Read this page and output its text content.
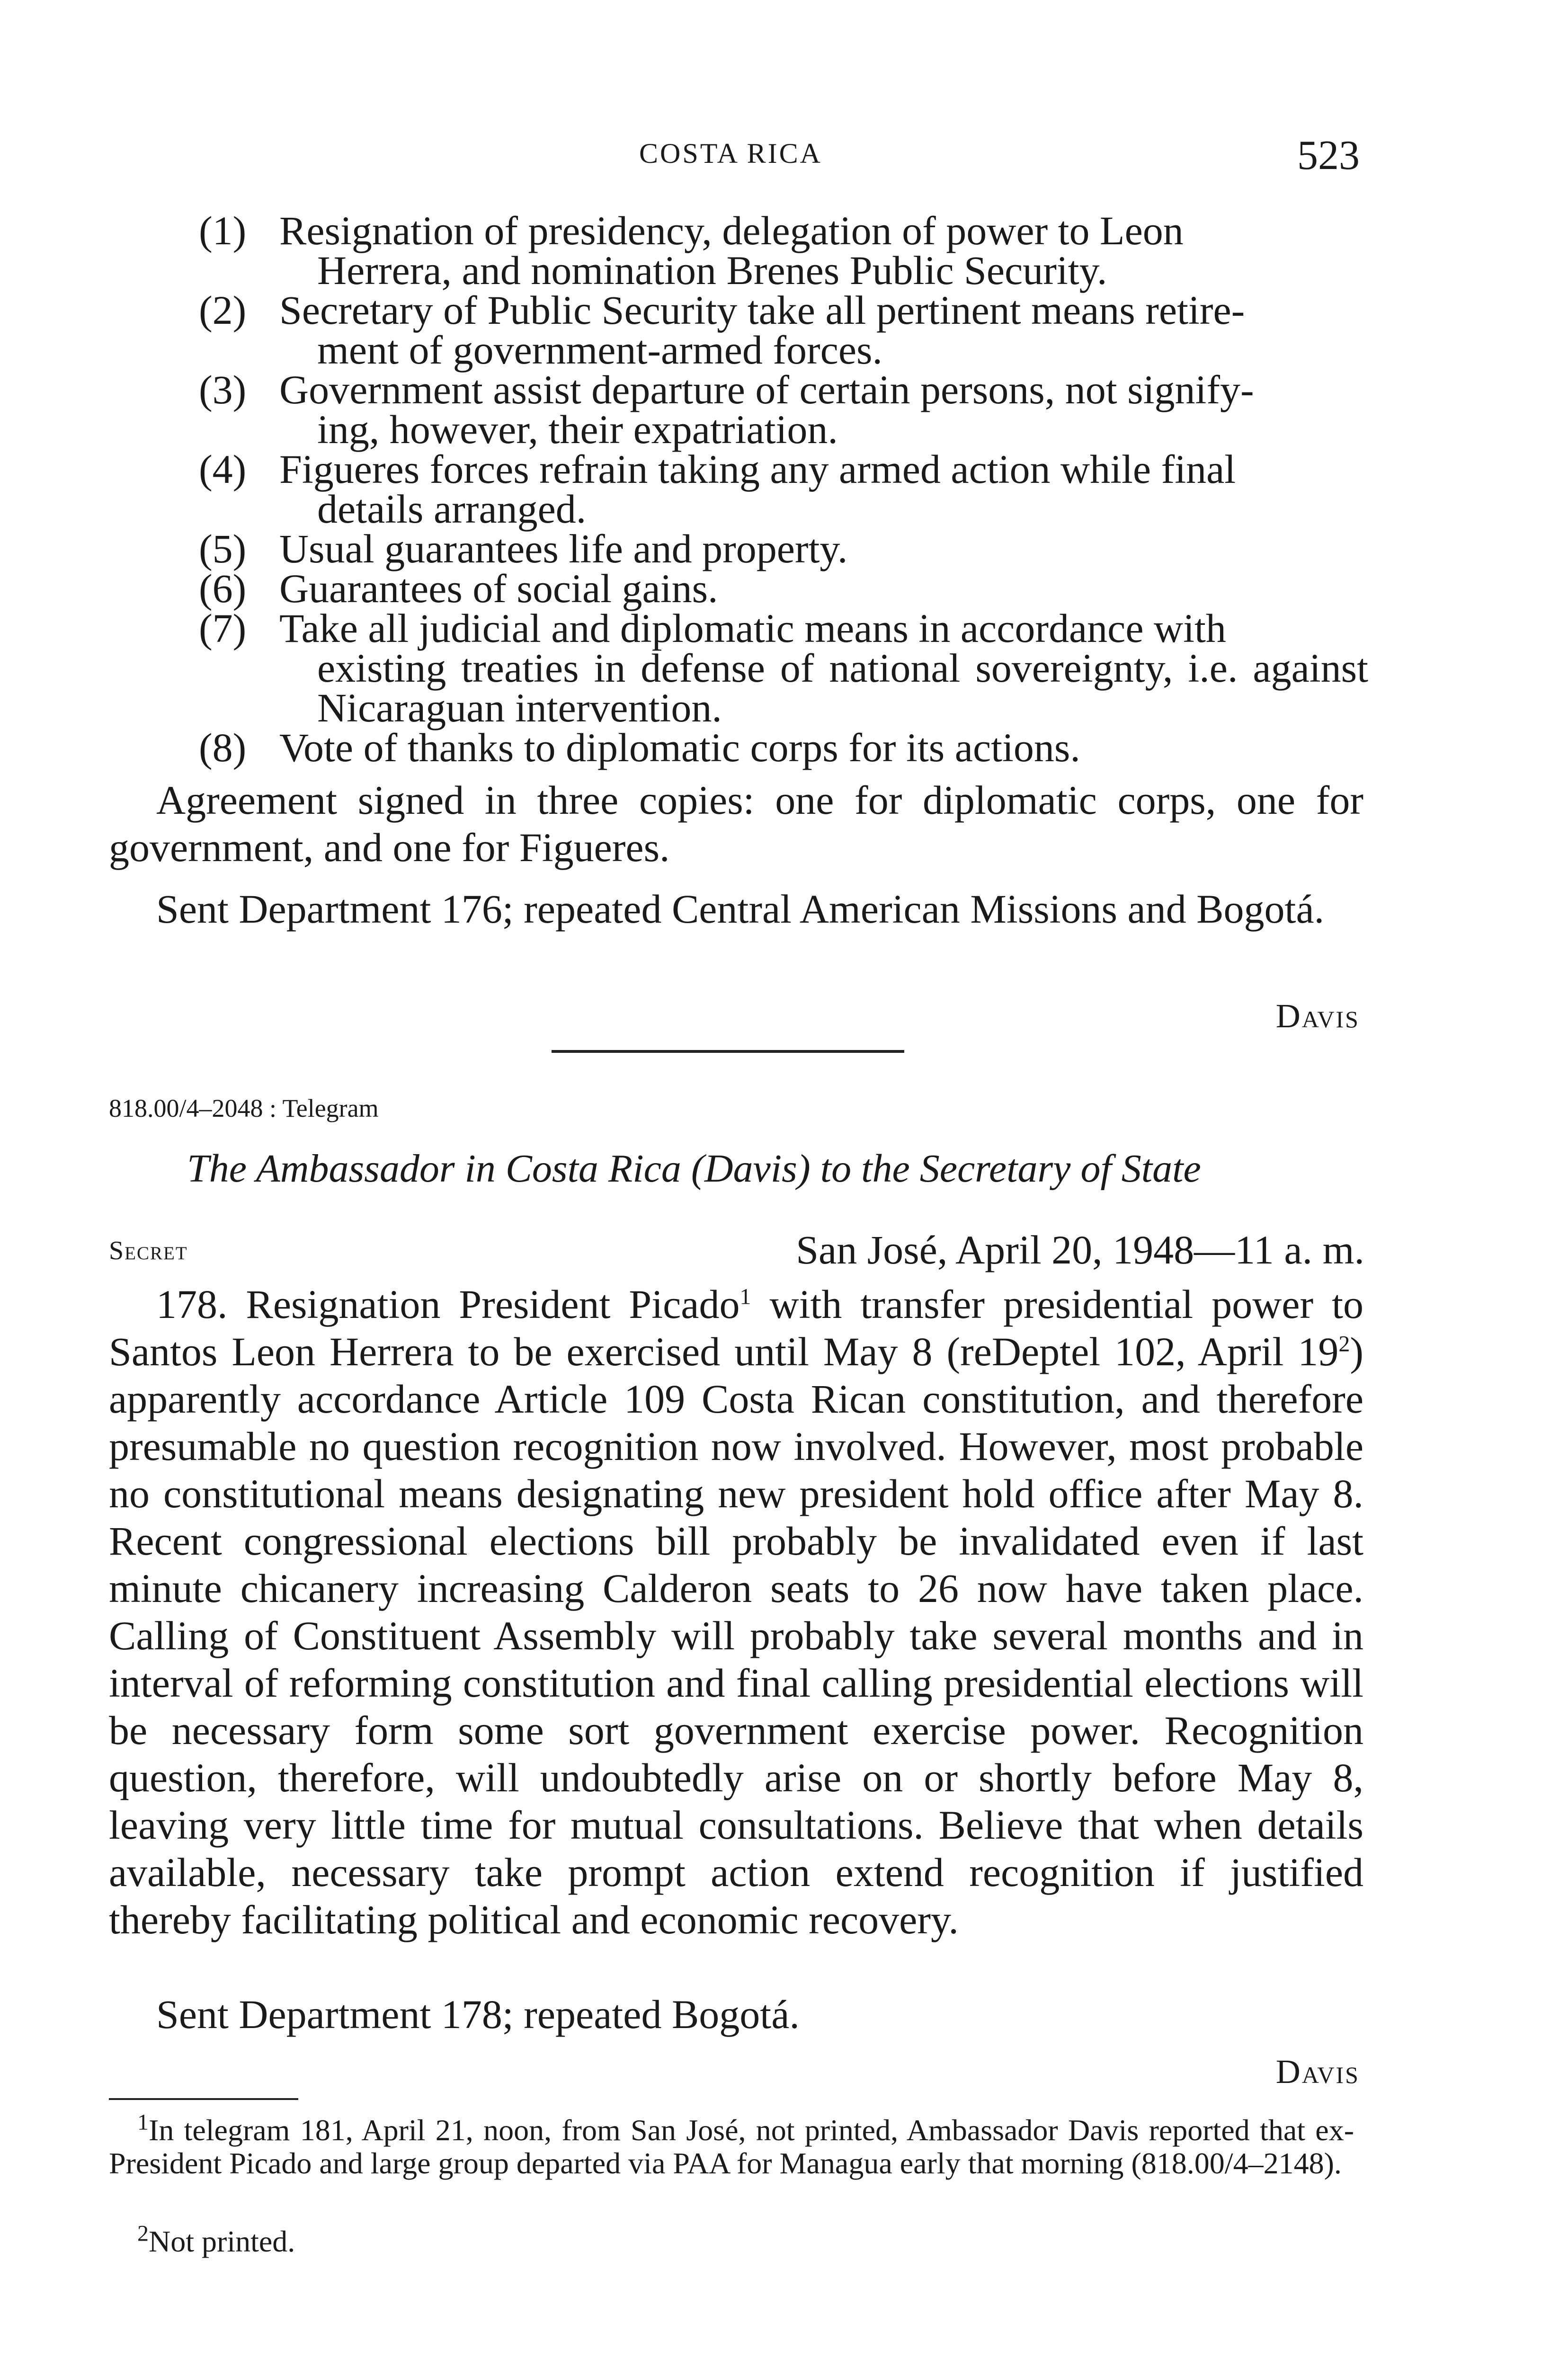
COSTA RICA	523
(1) Resignation of presidency, delegation of power to Leon
Herrera, and nomination Brenes Public Security.
(2) Secretary of Public Security take all pertinent means retire-
ment of government-armed forces.
(3) Government assist departure of certain persons, not signify-
ing, however, their expatriation.
(4) Figueres forces refrain taking any armed action while final
details arranged.
(5) Usual guarantees life and property.
(6) Guarantees of social gains.
(7) Take all judicial and diplomatic means in accordance with
existing treaties in defense of national sovereignty, i.e. against Nicaraguan intervention.
(8) Vote of thanks to diplomatic corps for its actions.

Agreement signed in three copies: one for diplomatic corps, one for government, and one for Figueres.

Sent Department 176; repeated Central American Missions and Bogotá.

Davis
818.00/4–2048 : Telegram
The Ambassador in Costa Rica (Davis) to the Secretary of State
Secret	San José, April 20, 1948—11 a. m.

178. Resignation President Picado$^1$ with transfer presidential power to Santos Leon Herrera to be exercised until May 8 (reDeptel 102, April 19$^2$) apparently accordance Article 109 Costa Rican constitution, and therefore presumable no question recognition now involved. However, most probable no constitutional means designating new president hold office after May 8. Recent congressional elections bill probably be invalidated even if last minute chicanery increasing Calderon seats to 26 now have taken place. Calling of Constituent Assembly will probably take several months and in interval of reforming constitution and final calling presidential elections will be necessary form some sort government exercise power. Recognition question, therefore, will undoubtedly arise on or shortly before May 8, leaving very little time for mutual consultations. Believe that when details available, necessary take prompt action extend recognition if justified thereby facilitating political and economic recovery.

Sent Department 178; repeated Bogotá.

Davis

$^1$In telegram 181, April 21, noon, from San José, not printed, Ambassador Davis reported that ex-President Picado and large group departed via PAA for Managua early that morning (818.00/4–2148).

$^2$Not printed.
